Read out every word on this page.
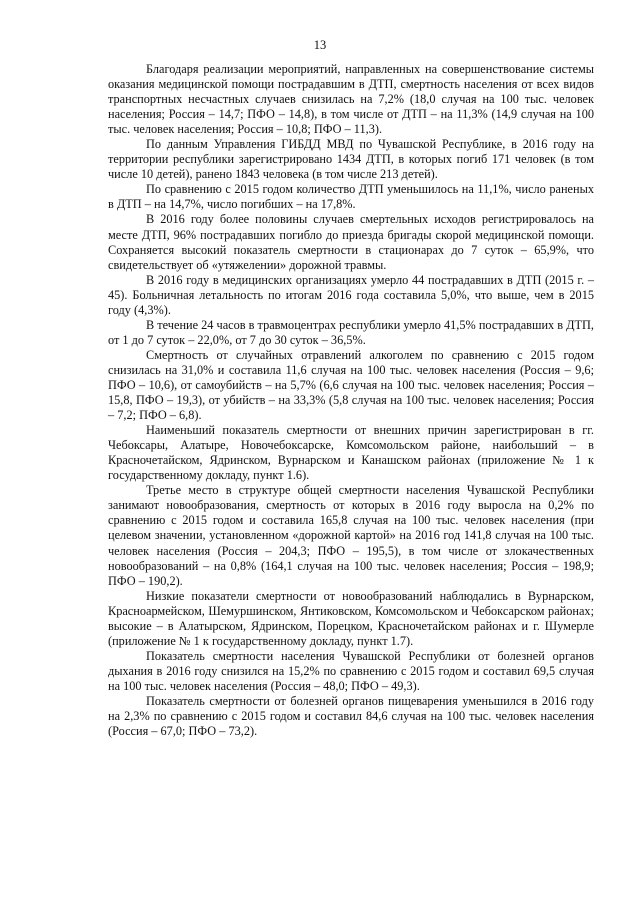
13

Благодаря реализации мероприятий, направленных на совершенствование системы оказания медицинской помощи пострадавшим в ДТП, смертность населения от всех видов транспортных несчастных случаев снизилась на 7,2% (18,0 случая на 100 тыс. человек населения; Россия – 14,7; ПФО – 14,8), в том числе от ДТП – на 11,3% (14,9 случая на 100 тыс. человек населения; Россия – 10,8; ПФО – 11,3).

По данным Управления ГИБДД МВД по Чувашской Республике, в 2016 году на территории республики зарегистрировано 1434 ДТП, в которых погиб 171 человек (в том числе 10 детей), ранено 1843 человека (в том числе 213 детей).

По сравнению с 2015 годом количество ДТП уменьшилось на 11,1%, число раненых в ДТП – на 14,7%, число погибших – на 17,8%.

В 2016 году более половины случаев смертельных исходов регистрировалось на месте ДТП, 96% пострадавших погибло до приезда бригады скорой медицинской помощи. Сохраняется высокий показатель смертности в стационарах до 7 суток – 65,9%, что свидетельствует об «утяжелении» дорожной травмы.

В 2016 году в медицинских организациях умерло 44 пострадавших в ДТП (2015 г. – 45). Больничная летальность по итогам 2016 года составила 5,0%, что выше, чем в 2015 году (4,3%).

В течение 24 часов в травмоцентрах республики умерло 41,5% пострадавших в ДТП, от 1 до 7 суток – 22,0%, от 7 до 30 суток – 36,5%.

Смертность от случайных отравлений алкоголем по сравнению с 2015 годом снизилась на 31,0% и составила 11,6 случая на 100 тыс. человек населения (Россия – 9,6; ПФО – 10,6), от самоубийств – на 5,7% (6,6 случая на 100 тыс. человек населения; Россия – 15,8, ПФО – 19,3), от убийств – на 33,3% (5,8 случая на 100 тыс. человек населения; Россия – 7,2; ПФО – 6,8).

Наименьший показатель смертности от внешних причин зарегистрирован в гг. Чебоксары, Алатыре, Новочебоксарске, Комсомольском районе, наибольший – в Красночетайском, Ядринском, Вурнарском и Канашском районах (приложение № 1 к государственному докладу, пункт 1.6).

Третье место в структуре общей смертности населения Чувашской Республики занимают новообразования, смертность от которых в 2016 году выросла на 0,2% по сравнению с 2015 годом и составила 165,8 случая на 100 тыс. человек населения (при целевом значении, установленном «дорожной картой» на 2016 год 141,8 случая на 100 тыс. человек населения (Россия – 204,3; ПФО – 195,5), в том числе от злокачественных новообразований – на 0,8% (164,1 случая на 100 тыс. человек населения; Россия – 198,9; ПФО – 190,2).

Низкие показатели смертности от новообразований наблюдались в Вурнарском, Красноармейском, Шемуршинском, Янтиковском, Комсомольском и Чебоксарском районах; высокие – в Алатырском, Ядринском, Порецком, Красночетайском районах и г. Шумерле (приложение № 1 к государственному докладу, пункт 1.7).

Показатель смертности населения Чувашской Республики от болезней органов дыхания в 2016 году снизился на 15,2% по сравнению с 2015 годом и составил 69,5 случая на 100 тыс. человек населения (Россия – 48,0; ПФО – 49,3).

Показатель смертности от болезней органов пищеварения уменьшился в 2016 году на 2,3% по сравнению с 2015 годом и составил 84,6 случая на 100 тыс. человек населения (Россия – 67,0; ПФО – 73,2).
